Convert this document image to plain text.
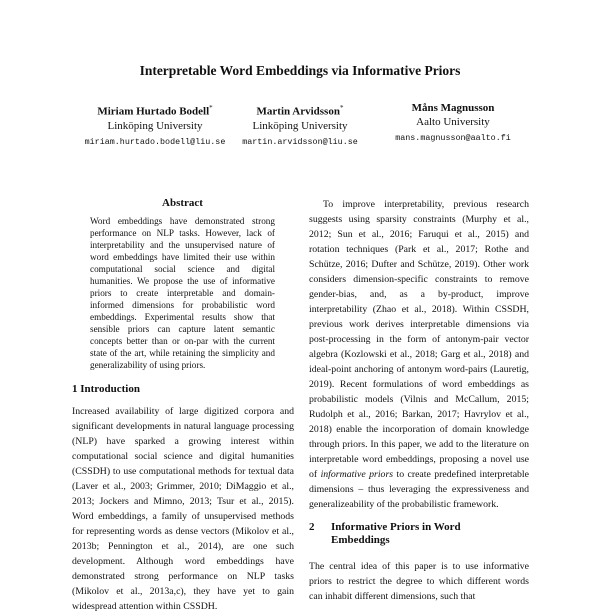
Interpretable Word Embeddings via Informative Priors
Miriam Hurtado Bodell*
Linköping University
miriam.hurtado.bodell@liu.se
Martin Arvidsson*
Linköping University
martin.arvidsson@liu.se
Måns Magnusson
Aalto University
mans.magnusson@aalto.fi
Abstract
Word embeddings have demonstrated strong performance on NLP tasks. However, lack of interpretability and the unsupervised nature of word embeddings have limited their use within computational social science and digital humanities. We propose the use of informative priors to create interpretable and domain-informed dimensions for probabilistic word embeddings. Experimental results show that sensible priors can capture latent semantic concepts better than or on-par with the current state of the art, while retaining the simplicity and generalizability of using priors.
1 Introduction
Increased availability of large digitized corpora and significant developments in natural language processing (NLP) have sparked a growing interest within computational social science and digital humanities (CSSDH) to use computational methods for textual data (Laver et al., 2003; Grimmer, 2010; DiMaggio et al., 2013; Jockers and Mimno, 2013; Tsur et al., 2015). Word embeddings, a family of unsupervised methods for representing words as dense vectors (Mikolov et al., 2013b; Pennington et al., 2014), are one such development. Although word embeddings have demonstrated strong performance on NLP tasks (Mikolov et al., 2013a,c), they have yet to gain widespread attention within CSSDH.
To improve interpretability, previous research suggests using sparsity constraints (Murphy et al., 2012; Sun et al., 2016; Faruqui et al., 2015) and rotation techniques (Park et al., 2017; Rothe and Schütze, 2016; Dufter and Schütze, 2019). Other work considers dimension-specific constraints to remove gender-bias, and, as a by-product, improve interpretability (Zhao et al., 2018). Within CSSDH, previous work derives interpretable dimensions via post-processing in the form of antonym-pair vector algebra (Kozlowski et al., 2018; Garg et al., 2018) and ideal-point anchoring of antonym word-pairs (Lauretig, 2019). Recent formulations of word embeddings as probabilistic models (Vilnis and McCallum, 2015; Rudolph et al., 2016; Barkan, 2017; Havrylov et al., 2018) enable the incorporation of domain knowledge through priors. In this paper, we add to the literature on interpretable word embeddings, proposing a novel use of informative priors to create predefined interpretable dimensions – thus leveraging the expressiveness and generalizeability of the probabilistic framework.
2	Informative Priors in Word Embeddings
The central idea of this paper is to use informative priors to restrict the degree to which different words can inhabit different dimensions, such that
